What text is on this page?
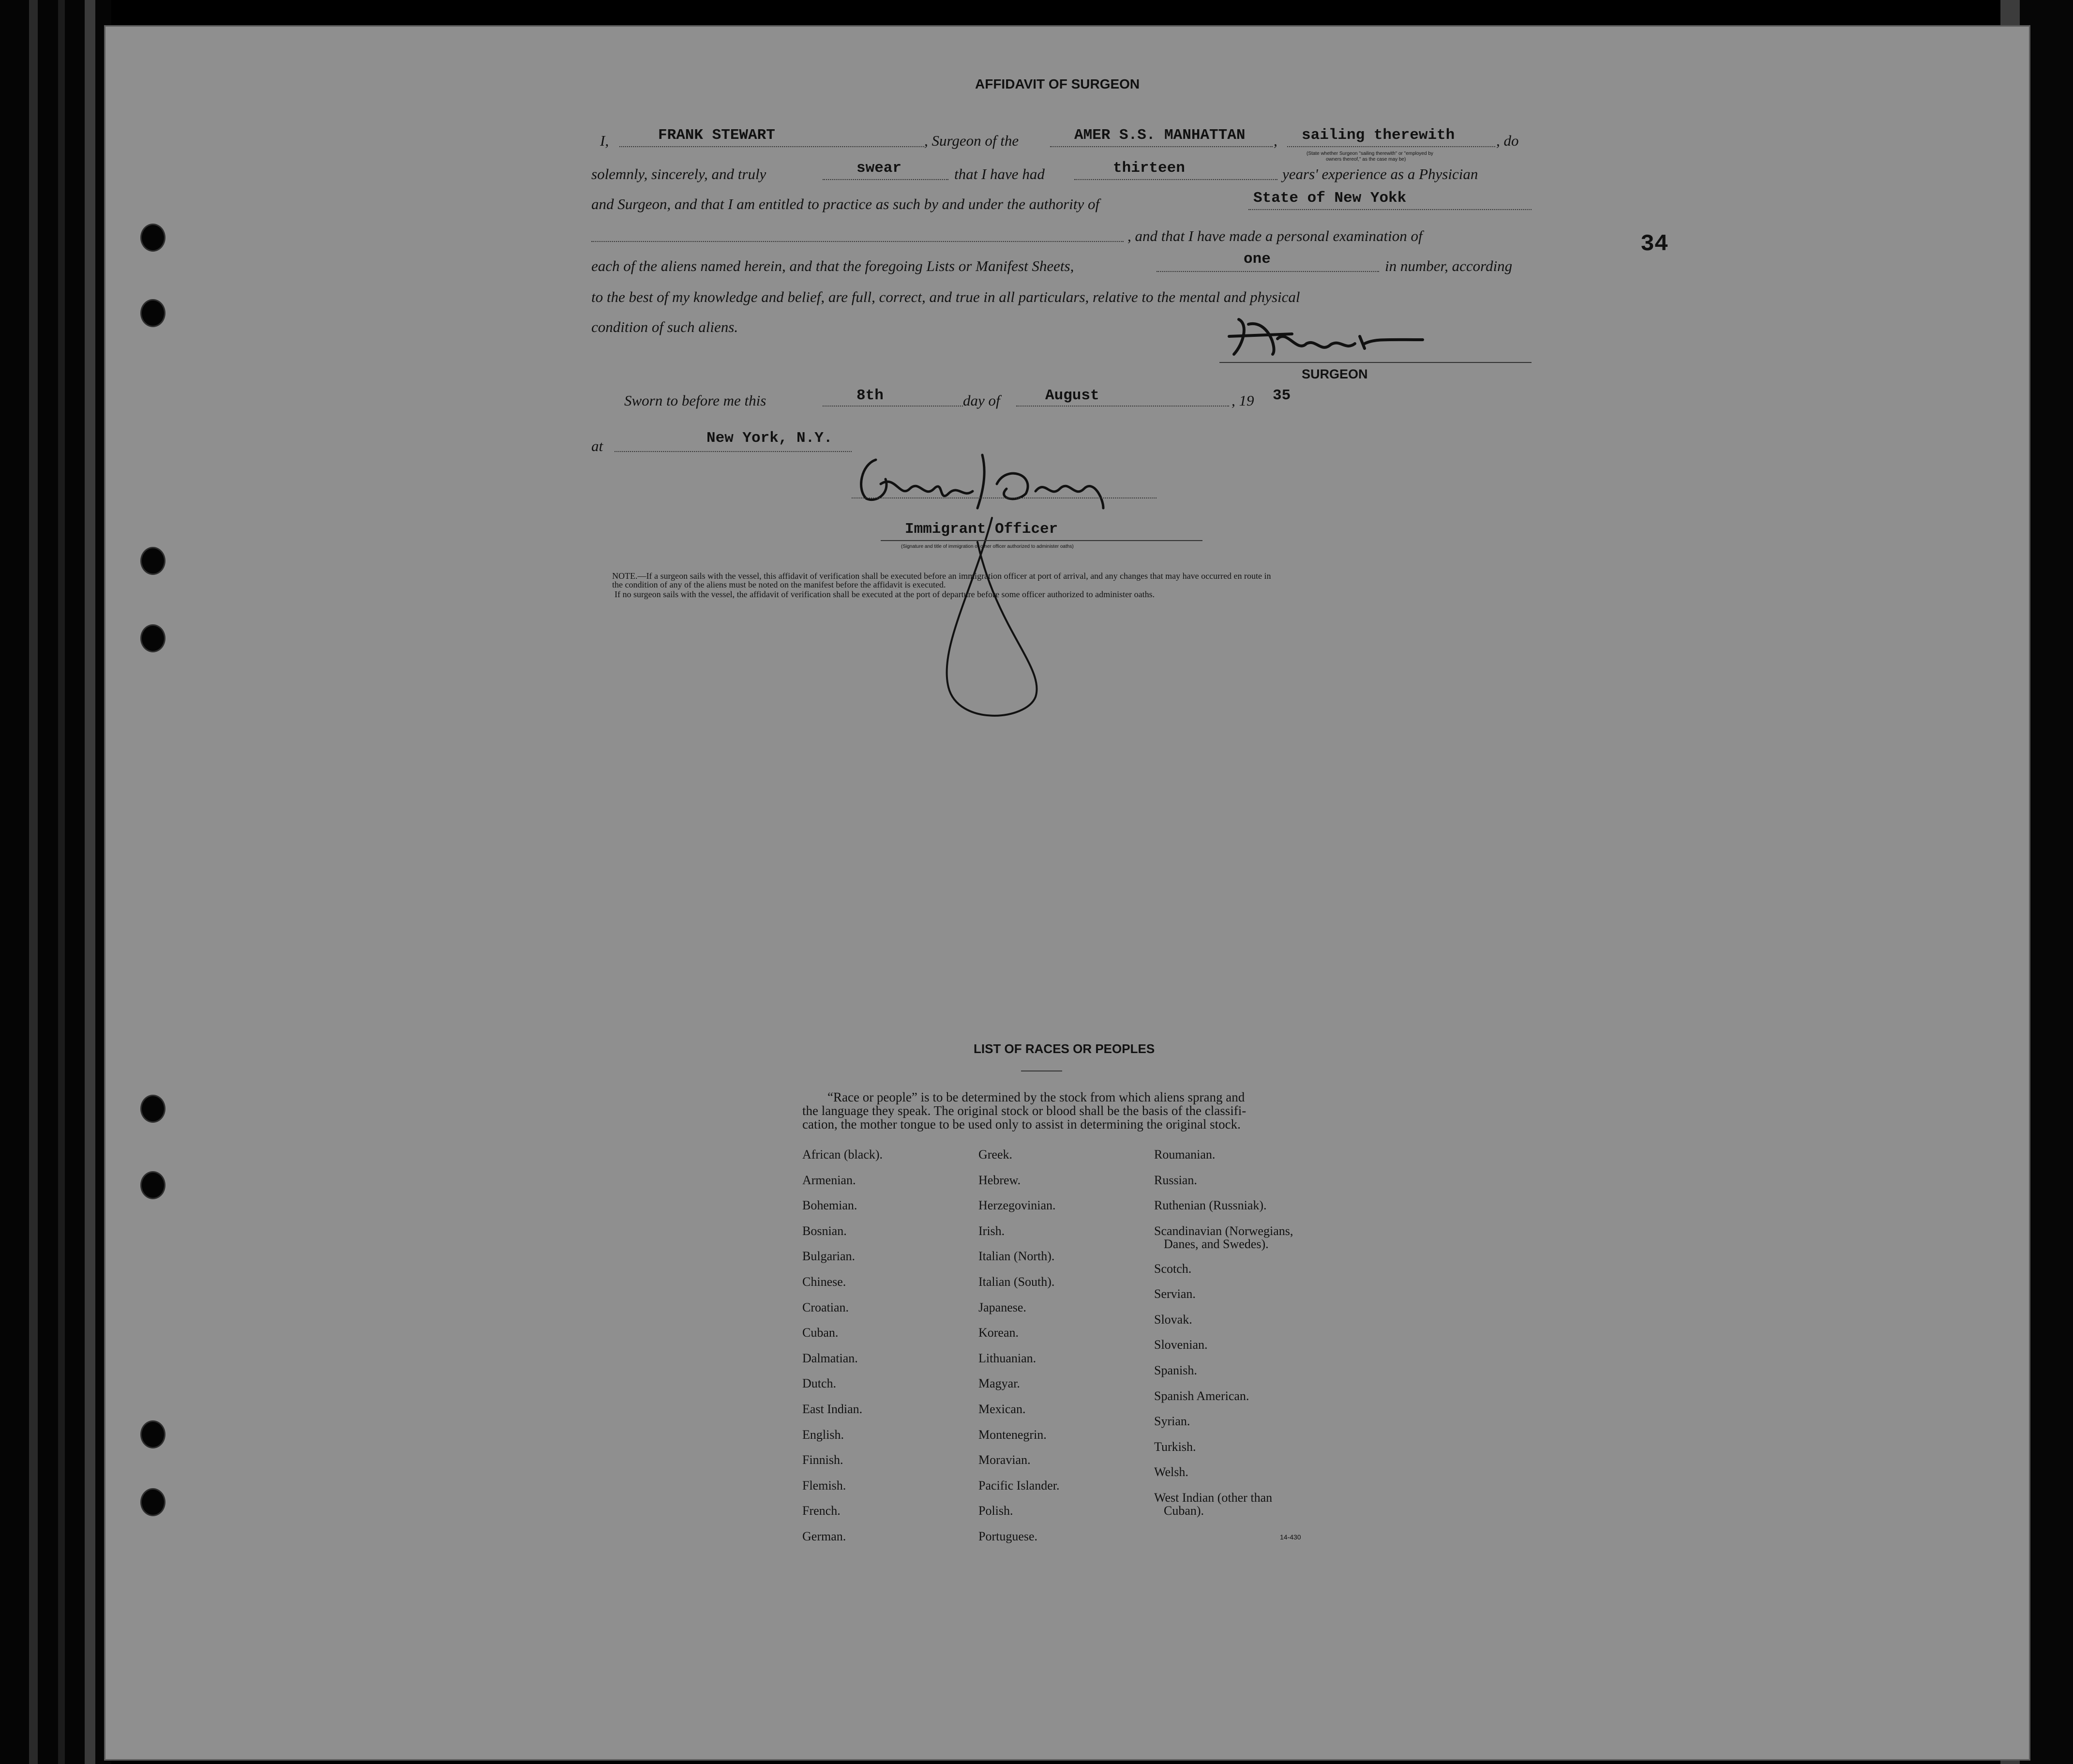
34
AFFIDAVIT OF SURGEON
I,	FRANK STEWART	, Surgeon of the	AMER S.S. MANHATTAN , sailing therewith	, do
(State whether Surgeon "sailing therewith" or "employed by
owners thereof," as the case may be)
solemnly, sincerely, and truly	swear	that I have had	thirteen	years' experience as a Physician
and Surgeon, and that I am entitled to practice as such by and under the authority of	State of New Yokk
, and that I have made a personal examination of
each of the aliens named herein, and that the foregoing Lists or Manifest Sheets,	one	in number, according
to the best of my knowledge and belief, are full, correct, and true in all particulars, relative to the mental and physical
condition of such aliens.
SURGEON
Sworn to before me this	8th	day of	August	, 19 35
at	New York, N.Y.
Immigrant Officer
(Signature and title of immigration or other officer authorized to administer oaths)
NOTE.—If a surgeon sails with the vessel, this affidavit of verification shall be executed before an immigration officer at port of arrival, and any changes that may have occurred en route in
the condition of any of the aliens must be noted on the manifest before the affidavit is executed.
If no surgeon sails with the vessel, the affidavit of verification shall be executed at the port of departure before some officer authorized to administer oaths.
LIST OF RACES OR PEOPLES
“Race or people” is to be determined by the stock from which aliens sprang and
the language they speak. The original stock or blood shall be the basis of the classifi-
cation, the mother tongue to be used only to assist in determining the original stock.
African (black).
Armenian.
Bohemian.
Bosnian.
Bulgarian.
Chinese.
Croatian.
Cuban.
Dalmatian.
Dutch.
East Indian.
English.
Finnish.
Flemish.
French.
German.
Greek.
Hebrew.
Herzegovinian.
Irish.
Italian (North).
Italian (South).
Japanese.
Korean.
Lithuanian.
Magyar.
Mexican.
Montenegrin.
Moravian.
Pacific Islander.
Polish.
Portuguese.
Roumanian.
Russian.
Ruthenian (Russniak).
Scandinavian (Norwegians,
Danes, and Swedes).
Scotch.
Servian.
Slovak.
Slovenian.
Spanish.
Spanish American.
Syrian.
Turkish.
Welsh.
West Indian (other than
Cuban).
14-430
